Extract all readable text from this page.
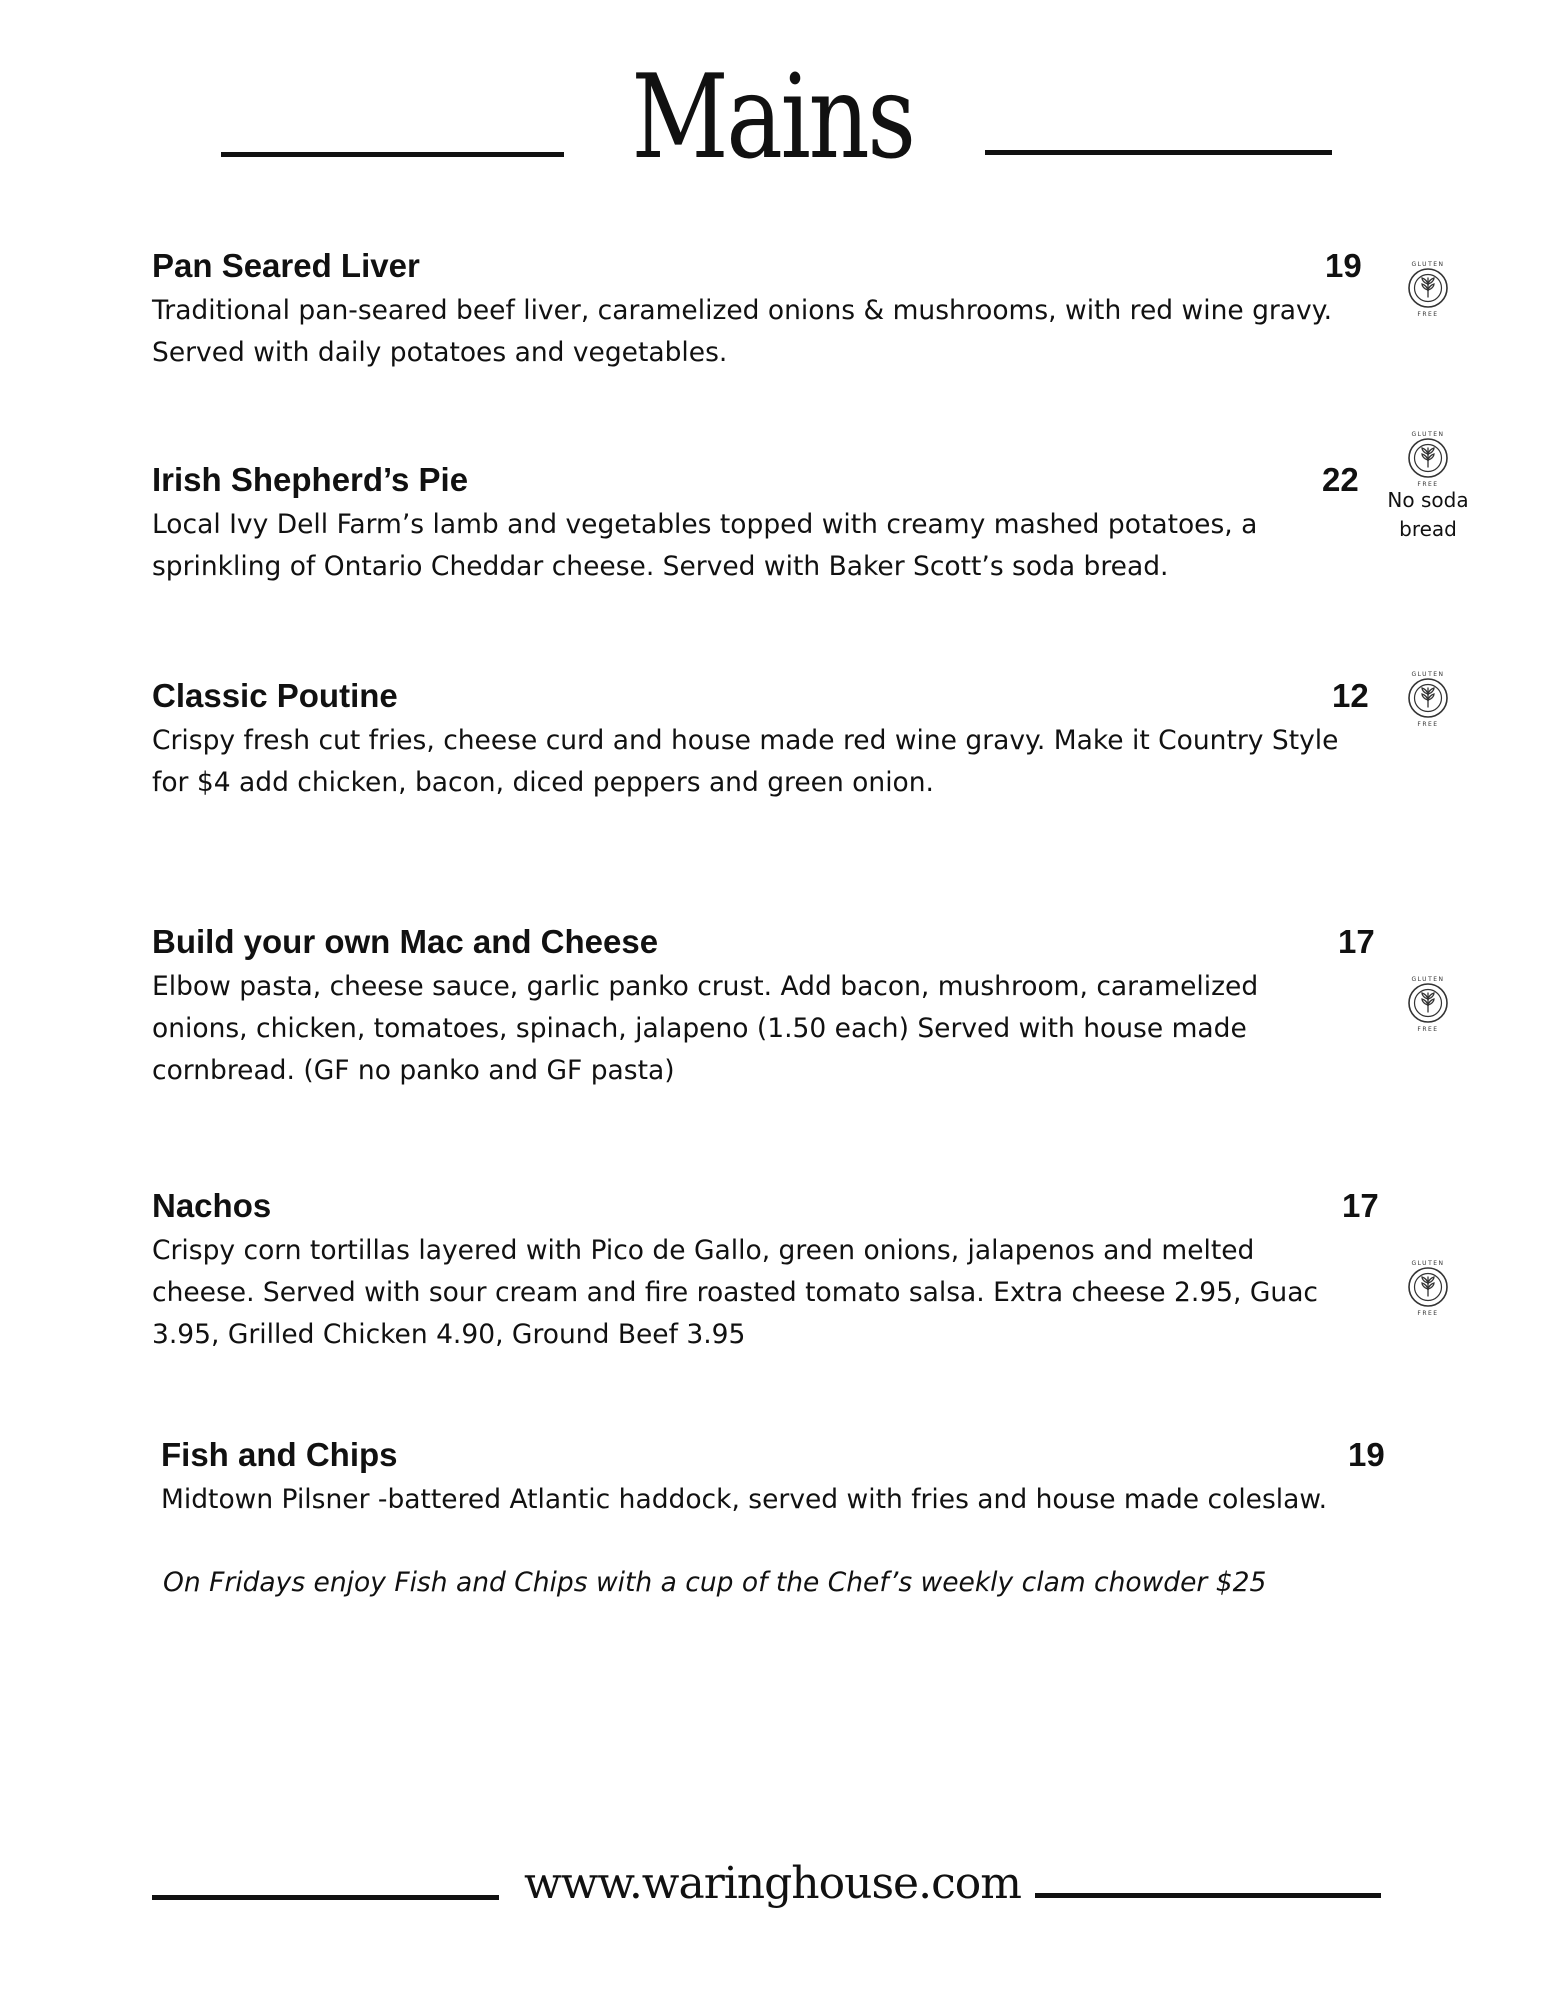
Mains
Pan Seared Liver	19
Traditional pan-seared beef liver, caramelized onions & mushrooms, with red wine gravy. Served with daily potatoes and vegetables.
Irish Shepherd’s Pie	22
Local Ivy Dell Farm’s lamb and vegetables topped with creamy mashed potatoes, a sprinkling of Ontario Cheddar cheese. Served with Baker Scott’s soda bread.
Classic Poutine	12
Crispy fresh cut fries, cheese curd and house made red wine gravy. Make it Country Style for $4 add chicken, bacon, diced peppers and green onion.
Build your own Mac and Cheese	17
Elbow pasta, cheese sauce, garlic panko crust. Add bacon, mushroom, caramelized onions, chicken, tomatoes, spinach, jalapeno (1.50 each) Served with house made cornbread. (GF no panko and GF pasta)
Nachos	17
Crispy corn tortillas layered with Pico de Gallo, green onions, jalapenos and melted cheese. Served with sour cream and fire roasted tomato salsa. Extra cheese 2.95, Guac 3.95, Grilled Chicken 4.90, Ground Beef 3.95
Fish and Chips	19
Midtown Pilsner -battered Atlantic haddock, served with fries and house made coleslaw.
On Fridays enjoy Fish and Chips with a cup of the Chef’s weekly clam chowder $25
GLUTEN
FREE
GLUTEN
FREE
No soda
bread
GLUTEN
FREE
GLUTEN
FREE
GLUTEN
FREE
www.waringhouse.com
